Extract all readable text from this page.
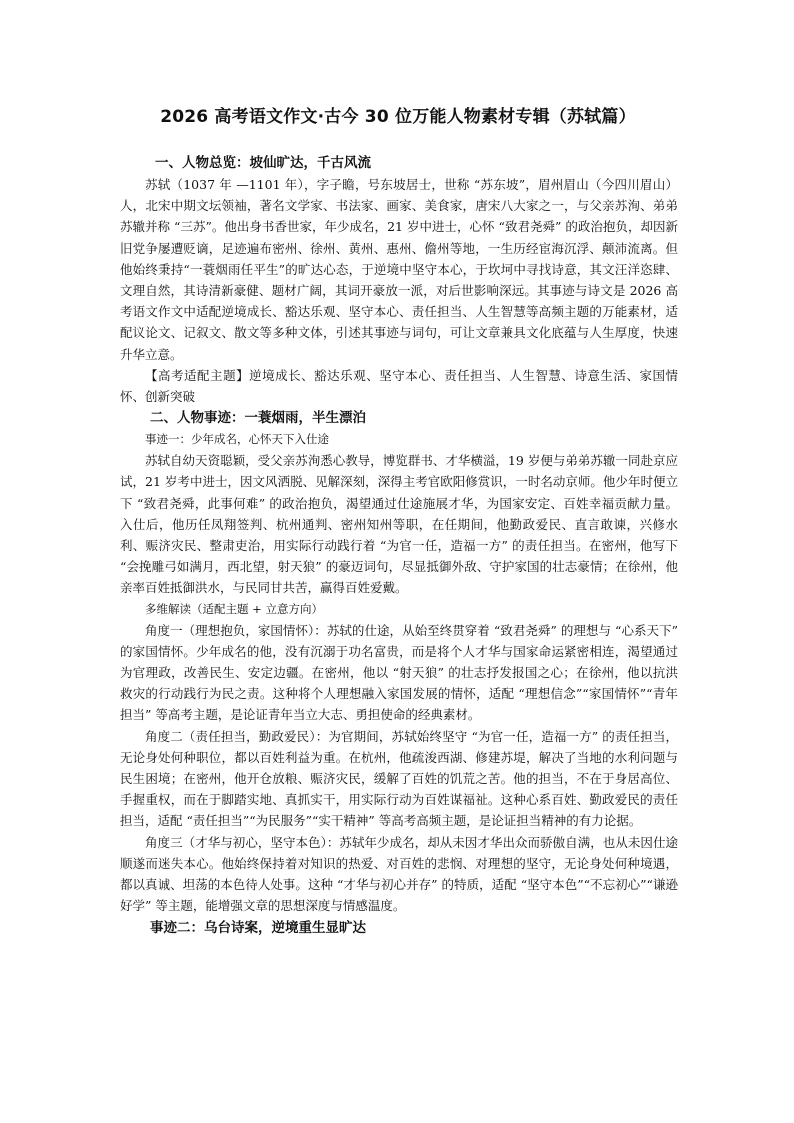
2026 高考语文作文·古今 30 位万能人物素材专辑（苏轼篇）
一、人物总览：坡仙旷达，千古风流

苏轼（1037 年 —1101 年），字子瞻，号东坡居士，世称 “苏东坡”，眉州眉山（今四川眉山）人，北宋中期文坛领袖，著名文学家、书法家、画家、美食家，唐宋八大家之一，与父亲苏洵、弟弟苏辙并称 “三苏”。他出身书香世家，年少成名，21 岁中进士，心怀 “致君尧舜” 的政治抱负，却因新旧党争屡遭贬谪，足迹遍布密州、徐州、黄州、惠州、儋州等地，一生历经宦海沉浮、颠沛流离。但他始终秉持“一蓑烟雨任平生”的旷达心态，于逆境中坚守本心，于坎坷中寻找诗意，其文汪洋恣肆、文理自然，其诗清新豪健、题材广阔，其词开豪放一派，对后世影响深远。其事迹与诗文是 2026 高考语文作文中适配逆境成长、豁达乐观、坚守本心、责任担当、人生智慧等高频主题的万能素材，适配议论文、记叙文、散文等多种文体，引述其事迹与词句，可让文章兼具文化底蕴与人生厚度，快速升华立意。

【高考适配主题】逆境成长、豁达乐观、坚守本心、责任担当、人生智慧、诗意生活、家国情怀、创新突破

二、人物事迹：一蓑烟雨，半生漂泊
事迹一：少年成名，心怀天下入仕途

苏轼自幼天资聪颖，受父亲苏洵悉心教导，博览群书、才华横溢，19 岁便与弟弟苏辙一同赴京应试，21 岁考中进士，因文风洒脱、见解深刻，深得主考官欧阳修赏识，一时名动京师。他少年时便立下 “致君尧舜，此事何难” 的政治抱负，渴望通过仕途施展才华，为国家安定、百姓幸福贡献力量。入仕后，他历任凤翔签判、杭州通判、密州知州等职，在任期间，他勤政爱民、直言敢谏，兴修水利、赈济灾民、整肃吏治，用实际行动践行着 “为官一任，造福一方” 的责任担当。在密州，他写下 “会挽雕弓如满月，西北望，射天狼” 的豪迈词句，尽显抵御外敌、守护家国的壮志豪情；在徐州，他亲率百姓抵御洪水，与民同甘共苦，赢得百姓爱戴。

多维解读（适配主题 + 立意方向）

角度一（理想抱负，家国情怀）：苏轼的仕途，从始至终贯穿着 “致君尧舜” 的理想与 “心系天下” 的家国情怀。少年成名的他，没有沉溺于功名富贵，而是将个人才华与国家命运紧密相连，渴望通过为官理政，改善民生、安定边疆。在密州，他以 “射天狼” 的壮志抒发报国之心；在徐州，他以抗洪救灾的行动践行为民之责。这种将个人理想融入家国发展的情怀，适配 “理想信念”“家国情怀”“青年担当” 等高考主题，是论证青年当立大志、勇担使命的经典素材。

角度二（责任担当，勤政爱民）：为官期间，苏轼始终坚守 “为官一任，造福一方” 的责任担当，无论身处何种职位，都以百姓利益为重。在杭州，他疏浚西湖、修建苏堤，解决了当地的水利问题与民生困境；在密州，他开仓放粮、赈济灾民，缓解了百姓的饥荒之苦。他的担当，不在于身居高位、手握重权，而在于脚踏实地、真抓实干，用实际行动为百姓谋福祉。这种心系百姓、勤政爱民的责任担当，适配 “责任担当”“为民服务”“实干精神” 等高考高频主题，是论证担当精神的有力论据。

角度三（才华与初心，坚守本色）：苏轼年少成名，却从未因才华出众而骄傲自满，也从未因仕途顺遂而迷失本心。他始终保持着对知识的热爱、对百姓的悲悯、对理想的坚守，无论身处何种境遇，都以真诚、坦荡的本色待人处事。这种 “才华与初心并存” 的特质，适配 “坚守本色”“不忘初心”“谦逊好学” 等主题，能增强文章的思想深度与情感温度。

事迹二：乌台诗案，逆境重生显旷达
